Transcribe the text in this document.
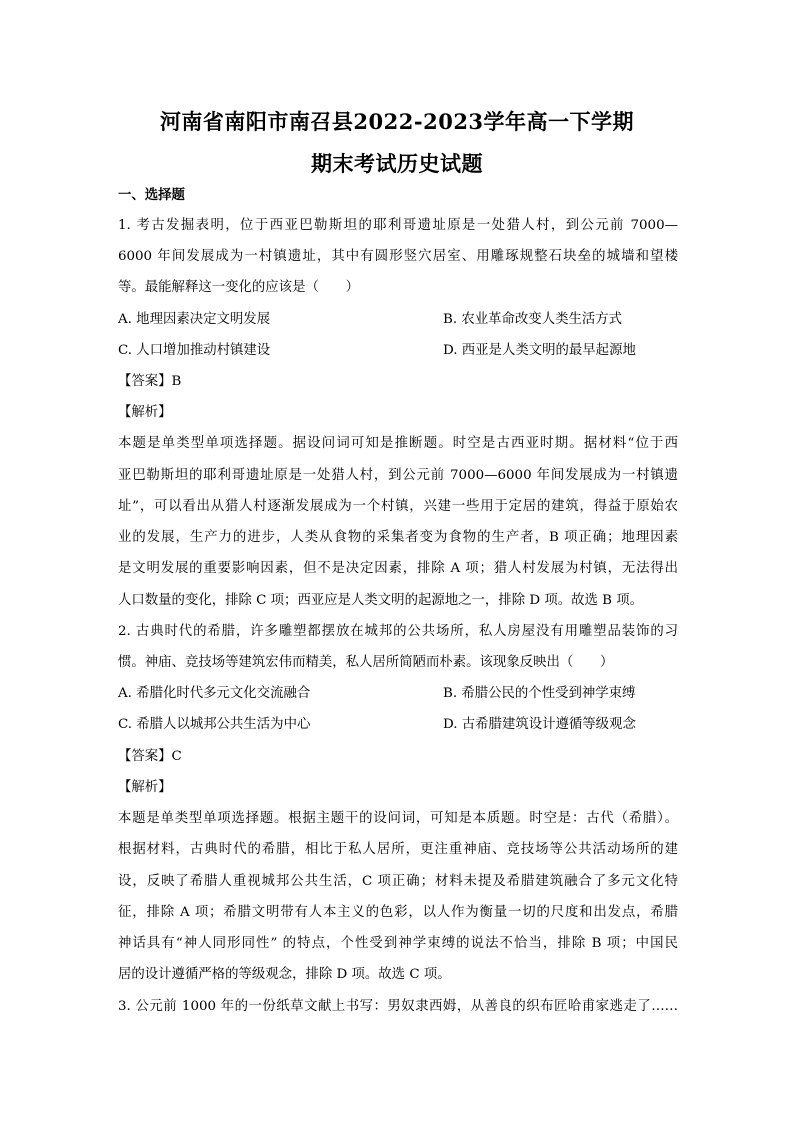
河南省南阳市南召县2022-2023学年高一下学期
期末考试历史试题
一、选择题
1. 考古发掘表明，位于西亚巴勒斯坦的耶利哥遗址原是一处猎人村，到公元前 7000—
6000 年间发展成为一村镇遗址，其中有圆形竖穴居室、用雕琢规整石块垒的城墙和望楼
等。最能解释这一变化的应该是（　　）
A. 地理因素决定文明发展	B. 农业革命改变人类生活方式
C. 人口增加推动村镇建设	D. 西亚是人类文明的最早起源地
【答案】B
【解析】
本题是单类型单项选择题。据设问词可知是推断题。时空是古西亚时期。据材料“位于西
亚巴勒斯坦的耶利哥遗址原是一处猎人村，到公元前 7000—6000 年间发展成为一村镇遗
址”，可以看出从猎人村逐渐发展成为一个村镇，兴建一些用于定居的建筑，得益于原始农
业的发展，生产力的进步，人类从食物的采集者变为食物的生产者，B 项正确；地理因素
是文明发展的重要影响因素，但不是决定因素，排除 A 项；猎人村发展为村镇，无法得出
人口数量的变化，排除 C 项；西亚应是人类文明的起源地之一，排除 D 项。故选 B 项。
2. 古典时代的希腊，许多雕塑都摆放在城邦的公共场所，私人房屋没有用雕塑品装饰的习
惯。神庙、竞技场等建筑宏伟而精美，私人居所简陋而朴素。该现象反映出（　　）
A. 希腊化时代多元文化交流融合	B. 希腊公民的个性受到神学束缚
C. 希腊人以城邦公共生活为中心	D. 古希腊建筑设计遵循等级观念
【答案】C
【解析】
本题是单类型单项选择题。根据主题干的设问词，可知是本质题。时空是：古代（希腊）。
根据材料，古典时代的希腊，相比于私人居所，更注重神庙、竞技场等公共活动场所的建
设，反映了希腊人重视城邦公共生活，C 项正确；材料未提及希腊建筑融合了多元文化特
征，排除 A 项；希腊文明带有人本主义的色彩，以人作为衡量一切的尺度和出发点，希腊
神话具有“神人同形同性” 的特点，个性受到神学束缚的说法不恰当，排除 B 项；中国民
居的设计遵循严格的等级观念，排除 D 项。故选 C 项。
3. 公元前 1000 年的一份纸草文献上书写：男奴隶西姆，从善良的织布匠哈甫家逃走了……
